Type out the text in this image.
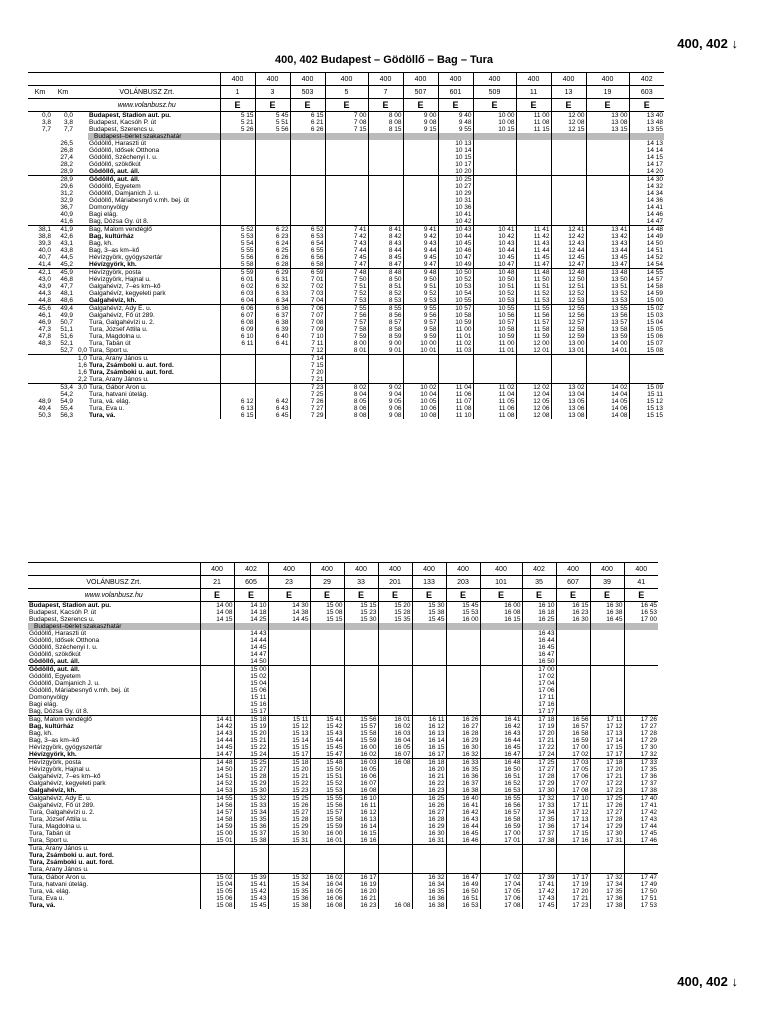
400, 402 ↓
400, 402 Budapest – Gödöllő – Bag – Tura
					400	400	400	400	400	400	400	400	400	400	400	402
Km	Km	VOLÁNBUSZ Zrt.			1	3	503	5	7	507	601	509	11	13	19	603
		www.volanbusz.hu			E	E	E	E	E	E	E	E	E	E	E	E
0,0	0,0		Budapest, Stadion aut. pu.		5 15	5 45	6 15	7 00	8 00	9 00	9 40	10 00	11 00	12 00	13 00	13 40
3,8	3,8		Budapest, Kacsóh P. út		5 21	5 51	6 21	7 08	8 08	9 08	9 48	10 08	11 08	12 08	13 08	13 48
7,7	7,7		Budapest, Szerencs u.		5 26	5 56	6 26	7 15	8 15	9 15	9 55	10 15	11 15	12 15	13 15	13 55
			Budapest–bérlet szakaszhatár													
	26,5		Gödöllő, Haraszti út								10 13					14 13
	26,8		Gödöllő, Idősek Otthona								10 14					14 14
	27,4		Gödöllő, Széchenyi I. u.								10 15					14 15
	28,2		Gödöllő, szökőkút								10 17					14 17
	28,9		Gödöllő, aut. áll.								10 20					14 20
	28,9		Gödöllő, aut. áll.								10 25					14 30
	29,6		Gödöllő, Egyetem								10 27					14 32
	31,2		Gödöllő, Damjanich J. u.								10 29					14 34
	32,9		Gödöllő, Máriabesnyő v.mh. bej. út								10 31					14 36
	36,7		Domonyvölgy								10 36					14 41
	40,9		Bagi elág.								10 41					14 46
	41,6		Bag, Dózsa Gy. út 8.								10 42					14 47
38,1	41,9		Bag, Malom vendéglő		5 52	6 22	6 52	7 41	8 41	9 41	10 43	10 41	11 41	12 41	13 41	14 48
38,8	42,6		Bag, kultúrház		5 53	6 23	6 53	7 42	8 42	9 42	10 44	10 42	11 42	12 42	13 42	14 49
39,3	43,1		Bag, kh.		5 54	6 24	6 54	7 43	8 43	9 43	10 45	10 43	11 43	12 43	13 43	14 50
40,0	43,8		Bag, 3–as km–kő		5 55	6 25	6 55	7 44	8 44	9 44	10 46	10 44	11 44	12 44	13 44	14 51
40,7	44,5		Hévízgyörk, gyógyszertár		5 56	6 26	6 56	7 45	8 45	9 45	10 47	10 45	11 45	12 45	13 45	14 52
41,4	45,2		Hévízgyörk, kh.		5 58	6 28	6 58	7 47	8 47	9 47	10 49	10 47	11 47	12 47	13 47	14 54
42,1	45,9		Hévízgyörk, posta		5 59	6 29	6 59	7 48	8 48	9 48	10 50	10 48	11 48	12 48	13 48	14 55
43,0	46,8		Hévízgyörk, Hajnal u.		6 01	6 31	7 01	7 50	8 50	9 50	10 52	10 50	11 50	12 50	13 50	14 57
43,9	47,7		Galgahévíz, 7–es km–kő		6 02	6 32	7 02	7 51	8 51	9 51	10 53	10 51	11 51	12 51	13 51	14 58
44,3	48,1		Galgahévíz, kegyeleti park		6 03	6 33	7 03	7 52	8 52	9 52	10 54	10 52	11 52	12 52	13 52	14 59
44,8	48,6		Galgahévíz, kh.		6 04	6 34	7 04	7 53	8 53	9 53	10 55	10 53	11 53	12 53	13 53	15 00
45,6	49,4		Galgahévíz, Ady E. u.		6 06	6 36	7 06	7 55	8 55	9 55	10 57	10 55	11 55	12 55	13 55	15 02
46,1	49,9		Galgahévíz, Fő út 289.		6 07	6 37	7 07	7 56	8 56	9 56	10 58	10 56	11 56	12 56	13 56	15 03
46,9	50,7		Tura, Galgahévízi u. 2.		6 08	6 38	7 08	7 57	8 57	9 57	10 59	10 57	11 57	12 57	13 57	15 04
47,3	51,1		Tura, József Attila u.		6 09	6 39	7 09	7 58	8 58	9 58	11 00	10 58	11 58	12 58	13 58	15 05
47,8	51,6		Tura, Magdolna u.		6 10	6 40	7 10	7 59	8 59	9 59	11 01	10 59	11 59	12 59	13 59	15 06
48,3	52,1		Tura, Tabán út		6 11	6 41	7 11	8 00	9 00	10 00	11 02	11 00	12 00	13 00	14 00	15 07
	52,7	0,0	Tura, Sport u.				7 12	8 01	9 01	10 01	11 03	11 01	12 01	13 01	14 01	15 08
		1,0	Tura, Arany János u.				7 14									
		1,6	Tura, Zsámboki u. aut. ford.				7 15									
		1,6	Tura, Zsámboki u. aut. ford.				7 20									
		2,2	Tura, Arany János u.				7 21									
	53,4	3,0	Tura, Gábor Áron u.				7 23	8 02	9 02	10 02	11 04	11 02	12 02	13 02	14 02	15 09
	54,2		Tura, hatvani útelág.				7 25	8 04	9 04	10 04	11 06	11 04	12 04	13 04	14 04	15 11
48,9	54,9		Tura, vá. elág.		6 12	6 42	7 26	8 05	9 05	10 05	11 07	11 05	12 05	13 05	14 05	15 12
49,4	55,4		Tura, Éva u.		6 13	6 43	7 27	8 06	9 06	10 06	11 08	11 06	12 06	13 06	14 06	15 13
50,3	56,3		Tura, vá.		6 15	6 45	7 29	8 08	9 08	10 08	11 10	11 08	12 08	13 08	14 08	15 15
		400	402	400	400	400	400	400	400	400	402	400	400	400
VOLÁNBUSZ Zrt.		21	605	23	29	33	201	133	203	101	35	607	39	41
www.volanbusz.hu		E	E	E	E	E	E	E	E	E	E	E	E	E
Budapest, Stadion aut. pu.		14 00	14 10	14 30	15 00	15 15	15 20	15 30	15 45	16 00	16 10	16 15	16 30	16 45
Budapest, Kacsóh P. út		14 08	14 18	14 38	15 08	15 23	15 28	15 38	15 53	16 08	16 18	16 23	16 38	16 53
Budapest, Szerencs u.		14 15	14 25	14 45	15 15	15 30	15 35	15 45	16 00	16 15	16 25	16 30	16 45	17 00
Budapest–bérlet szakaszhatár														
Gödöllő, Haraszti út			14 43								16 43			
Gödöllő, Idősek Otthona			14 44								16 44			
Gödöllő, Széchenyi I. u.			14 45								16 45			
Gödöllő, szökőkút			14 47								16 47			
Gödöllő, aut. áll.			14 50								16 50			
Gödöllő, aut. áll.			15 00								17 00			
Gödöllő, Egyetem			15 02								17 02			
Gödöllő, Damjanich J. u.			15 04								17 04			
Gödöllő, Máriabesnyő v.mh. bej. út			15 06								17 06			
Domonyvölgy			15 11								17 11			
Bagi elág.			15 16								17 16			
Bag, Dózsa Gy. út 8.			15 17								17 17			
Bag, Malom vendéglő		14 41	15 18	15 11	15 41	15 56	16 01	16 11	16 26	16 41	17 18	16 56	17 11	17 26
Bag, kultúrház		14 42	15 19	15 12	15 42	15 57	16 02	16 12	16 27	16 42	17 19	16 57	17 12	17 27
Bag, kh.		14 43	15 20	15 13	15 43	15 58	16 03	16 13	16 28	16 43	17 20	16 58	17 13	17 28
Bag, 3–as km–kő		14 44	15 21	15 14	15 44	15 59	16 04	16 14	16 29	16 44	17 21	16 59	17 14	17 29
Hévízgyörk, gyógyszertár		14 45	15 22	15 15	15 45	16 00	16 05	16 15	16 30	16 45	17 22	17 00	17 15	17 30
Hévízgyörk, kh.		14 47	15 24	15 17	15 47	16 02	16 07	16 17	16 32	16 47	17 24	17 02	17 17	17 32
Hévízgyörk, posta		14 48	15 25	15 18	15 48	16 03	16 08	16 18	16 33	16 48	17 25	17 03	17 18	17 33
Hévízgyörk, Hajnal u.		14 50	15 27	15 20	15 50	16 05		16 20	16 35	16 50	17 27	17 05	17 20	17 35
Galgahévíz, 7–es km–kő		14 51	15 28	15 21	15 51	16 06		16 21	16 36	16 51	17 28	17 06	17 21	17 36
Galgahévíz, kegyeleti park		14 52	15 29	15 22	15 52	16 07		16 22	16 37	16 52	17 29	17 07	17 22	17 37
Galgahévíz, kh.		14 53	15 30	15 23	15 53	16 08		16 23	16 38	16 53	17 30	17 08	17 23	17 38
Galgahévíz, Ady E. u.		14 55	15 32	15 25	15 55	16 10		16 25	16 40	16 55	17 32	17 10	17 25	17 40
Galgahévíz, Fő út 289.		14 56	15 33	15 26	15 56	16 11		16 26	16 41	16 56	17 33	17 11	17 26	17 41
Tura, Galgahévízi u. 2.		14 57	15 34	15 27	15 57	16 12		16 27	16 42	16 57	17 34	17 12	17 27	17 42
Tura, József Attila u.		14 58	15 35	15 28	15 58	16 13		16 28	16 43	16 58	17 35	17 13	17 28	17 43
Tura, Magdolna u.		14 59	15 36	15 29	15 59	16 14		16 29	16 44	16 59	17 36	17 14	17 29	17 44
Tura, Tabán út		15 00	15 37	15 30	16 00	16 15		16 30	16 45	17 00	17 37	17 15	17 30	17 45
Tura, Sport u.		15 01	15 38	15 31	16 01	16 16		16 31	16 46	17 01	17 38	17 16	17 31	17 46
Tura, Arany János u.														
Tura, Zsámboki u. aut. ford.														
Tura, Zsámboki u. aut. ford.														
Tura, Arany János u.														
Tura, Gábor Áron u.		15 02	15 39	15 32	16 02	16 17		16 32	16 47	17 02	17 39	17 17	17 32	17 47
Tura, hatvani útelág.		15 04	15 41	15 34	16 04	16 19		16 34	16 49	17 04	17 41	17 19	17 34	17 49
Tura, vá. elág.		15 05	15 42	15 35	16 05	16 20		16 35	16 50	17 05	17 42	17 20	17 35	17 50
Tura, Éva u.		15 06	15 43	15 36	16 06	16 21		16 36	16 51	17 06	17 43	17 21	17 36	17 51
Tura, vá.		15 08	15 45	15 38	16 08	16 23	16 08	16 38	16 53	17 08	17 45	17 23	17 38	17 53
400, 402 ↓
